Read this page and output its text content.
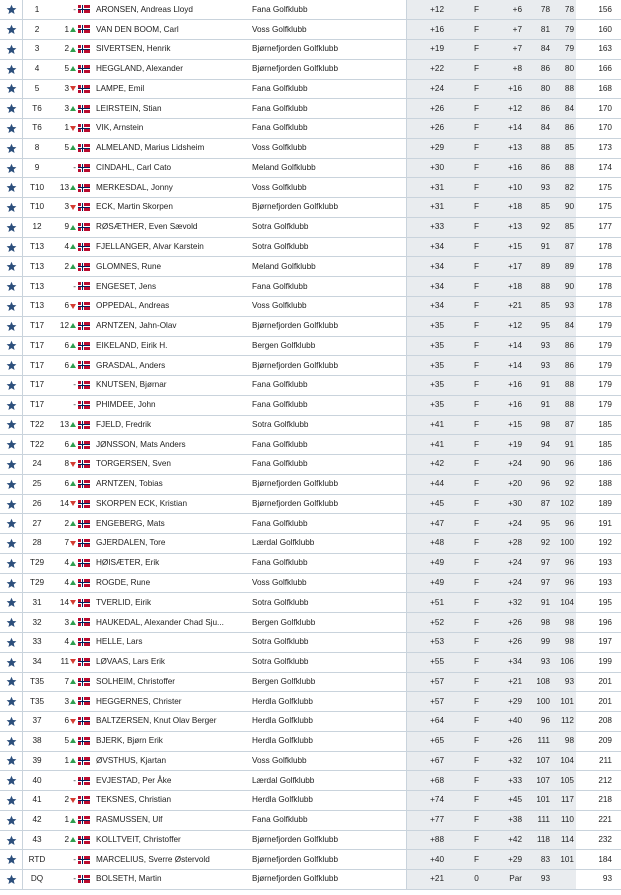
	1	-		ARONSEN, Andreas Lloyd	Fana Golfklubb	+12	F	+6	78	78	156

	2	1		VAN DEN BOOM, Carl	Voss Golfklubb	+16	F	+7	81	79	160

	3	2		SIVERTSEN, Henrik	Bjørnefjorden Golfklubb	+19	F	+7	84	79	163

	4	5		HEGGLAND, Alexander	Bjørnefjorden Golfklubb	+22	F	+8	86	80	166

	5	3		LAMPE, Emil	Fana Golfklubb	+24	F	+16	80	88	168

	T6	3		LEIRSTEIN, Stian	Fana Golfklubb	+26	F	+12	86	84	170

	T6	1		VIK, Arnstein	Fana Golfklubb	+26	F	+14	84	86	170

	8	5		ALMELAND, Marius Lidsheim	Voss Golfklubb	+29	F	+13	88	85	173

	9	-		CINDAHL, Carl Cato	Meland Golfklubb	+30	F	+16	86	88	174

	T10	13		MERKESDAL, Jonny	Voss Golfklubb	+31	F	+10	93	82	175

	T10	3		ECK, Martin Skorpen	Bjørnefjorden Golfklubb	+31	F	+18	85	90	175

	12	9		RØSÆTHER, Even Sævold	Sotra Golfklubb	+33	F	+13	92	85	177

	T13	4		FJELLANGER, Alvar Karstein	Sotra Golfklubb	+34	F	+15	91	87	178

	T13	2		GLOMNES, Rune	Meland Golfklubb	+34	F	+17	89	89	178

	T13	-		ENGESET, Jens	Fana Golfklubb	+34	F	+18	88	90	178

	T13	6		OPPEDAL, Andreas	Voss Golfklubb	+34	F	+21	85	93	178

	T17	12		ARNTZEN, Jahn-Olav	Bjørnefjorden Golfklubb	+35	F	+12	95	84	179

	T17	6		EIKELAND, Eirik H.	Bergen Golfklubb	+35	F	+14	93	86	179

	T17	6		GRASDAL, Anders	Bjørnefjorden Golfklubb	+35	F	+14	93	86	179

	T17	-		KNUTSEN, Bjørnar	Fana Golfklubb	+35	F	+16	91	88	179

	T17	-		PHIMDEE, John	Fana Golfklubb	+35	F	+16	91	88	179

	T22	13		FJELD, Fredrik	Sotra Golfklubb	+41	F	+15	98	87	185

	T22	6		JØNSSON, Mats Anders	Fana Golfklubb	+41	F	+19	94	91	185

	24	8		TORGERSEN, Sven	Fana Golfklubb	+42	F	+24	90	96	186

	25	6		ARNTZEN, Tobias	Bjørnefjorden Golfklubb	+44	F	+20	96	92	188

	26	14		SKORPEN ECK, Kristian	Bjørnefjorden Golfklubb	+45	F	+30	87	102	189

	27	2		ENGEBERG, Mats	Fana Golfklubb	+47	F	+24	95	96	191

	28	7		GJERDALEN, Tore	Lærdal Golfklubb	+48	F	+28	92	100	192

	T29	4		HØISÆTER, Erik	Fana Golfklubb	+49	F	+24	97	96	193

	T29	4		ROGDE, Rune	Voss Golfklubb	+49	F	+24	97	96	193

	31	14		TVERLID, Eirik	Sotra Golfklubb	+51	F	+32	91	104	195

	32	3		HAUKEDAL, Alexander Chad Sju...	Bergen Golfklubb	+52	F	+26	98	98	196

	33	4		HELLE, Lars	Sotra Golfklubb	+53	F	+26	99	98	197

	34	11		LØVAAS, Lars Erik	Sotra Golfklubb	+55	F	+34	93	106	199

	T35	7		SOLHEIM, Christoffer	Bergen Golfklubb	+57	F	+21	108	93	201

	T35	3		HEGGERNES, Christer	Herdla Golfklubb	+57	F	+29	100	101	201

	37	6		BALTZERSEN, Knut Olav Berger	Herdla Golfklubb	+64	F	+40	96	112	208

	38	5		BJERK, Bjørn Erik	Herdla Golfklubb	+65	F	+26	111	98	209

	39	1		ØVSTHUS, Kjartan	Voss Golfklubb	+67	F	+32	107	104	211

	40	-		EVJESTAD, Per Åke	Lærdal Golfklubb	+68	F	+33	107	105	212

	41	2		TEKSNES, Christian	Herdla Golfklubb	+74	F	+45	101	117	218

	42	1		RASMUSSEN, Ulf	Fana Golfklubb	+77	F	+38	111	110	221

	43	2		KOLLTVEIT, Christoffer	Bjørnefjorden Golfklubb	+88	F	+42	118	114	232

	RTD	-		MARCELIUS, Sverre Østervold	Bjørnefjorden Golfklubb	+40	F	+29	83	101	184

	DQ	-		BOLSETH, Martin	Bjørnefjorden Golfklubb	+21	0	Par	93		93
